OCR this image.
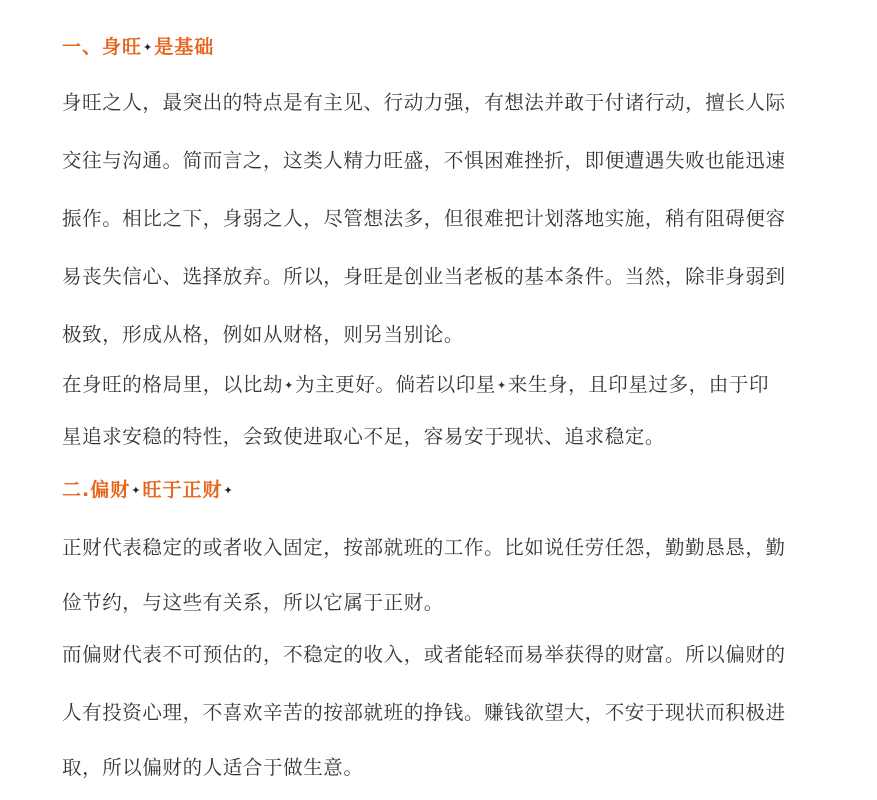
一、身旺✦是基础
身旺之人，最突出的特点是有主见、行动力强，有想法并敢于付诸行动，擅长人际
交往与沟通。简而言之，这类人精力旺盛，不惧困难挫折，即便遭遇失败也能迅速
振作。相比之下，身弱之人，尽管想法多，但很难把计划落地实施，稍有阻碍便容
易丧失信心、选择放弃。所以，身旺是创业当老板的基本条件。当然，除非身弱到
极致，形成从格，例如从财格，则另当别论。
在身旺的格局里，以比劫✦为主更好。倘若以印星✦来生身，且印星过多，由于印
星追求安稳的特性，会致使进取心不足，容易安于现状、追求稳定。
二.偏财✦旺于正财✦
正财代表稳定的或者收入固定，按部就班的工作。比如说任劳任怨，勤勤恳恳，勤
俭节约，与这些有关系，所以它属于正财。
而偏财代表不可预估的，不稳定的收入，或者能轻而易举获得的财富。所以偏财的
人有投资心理，不喜欢辛苦的按部就班的挣钱。赚钱欲望大，不安于现状而积极进
取，所以偏财的人适合于做生意。
